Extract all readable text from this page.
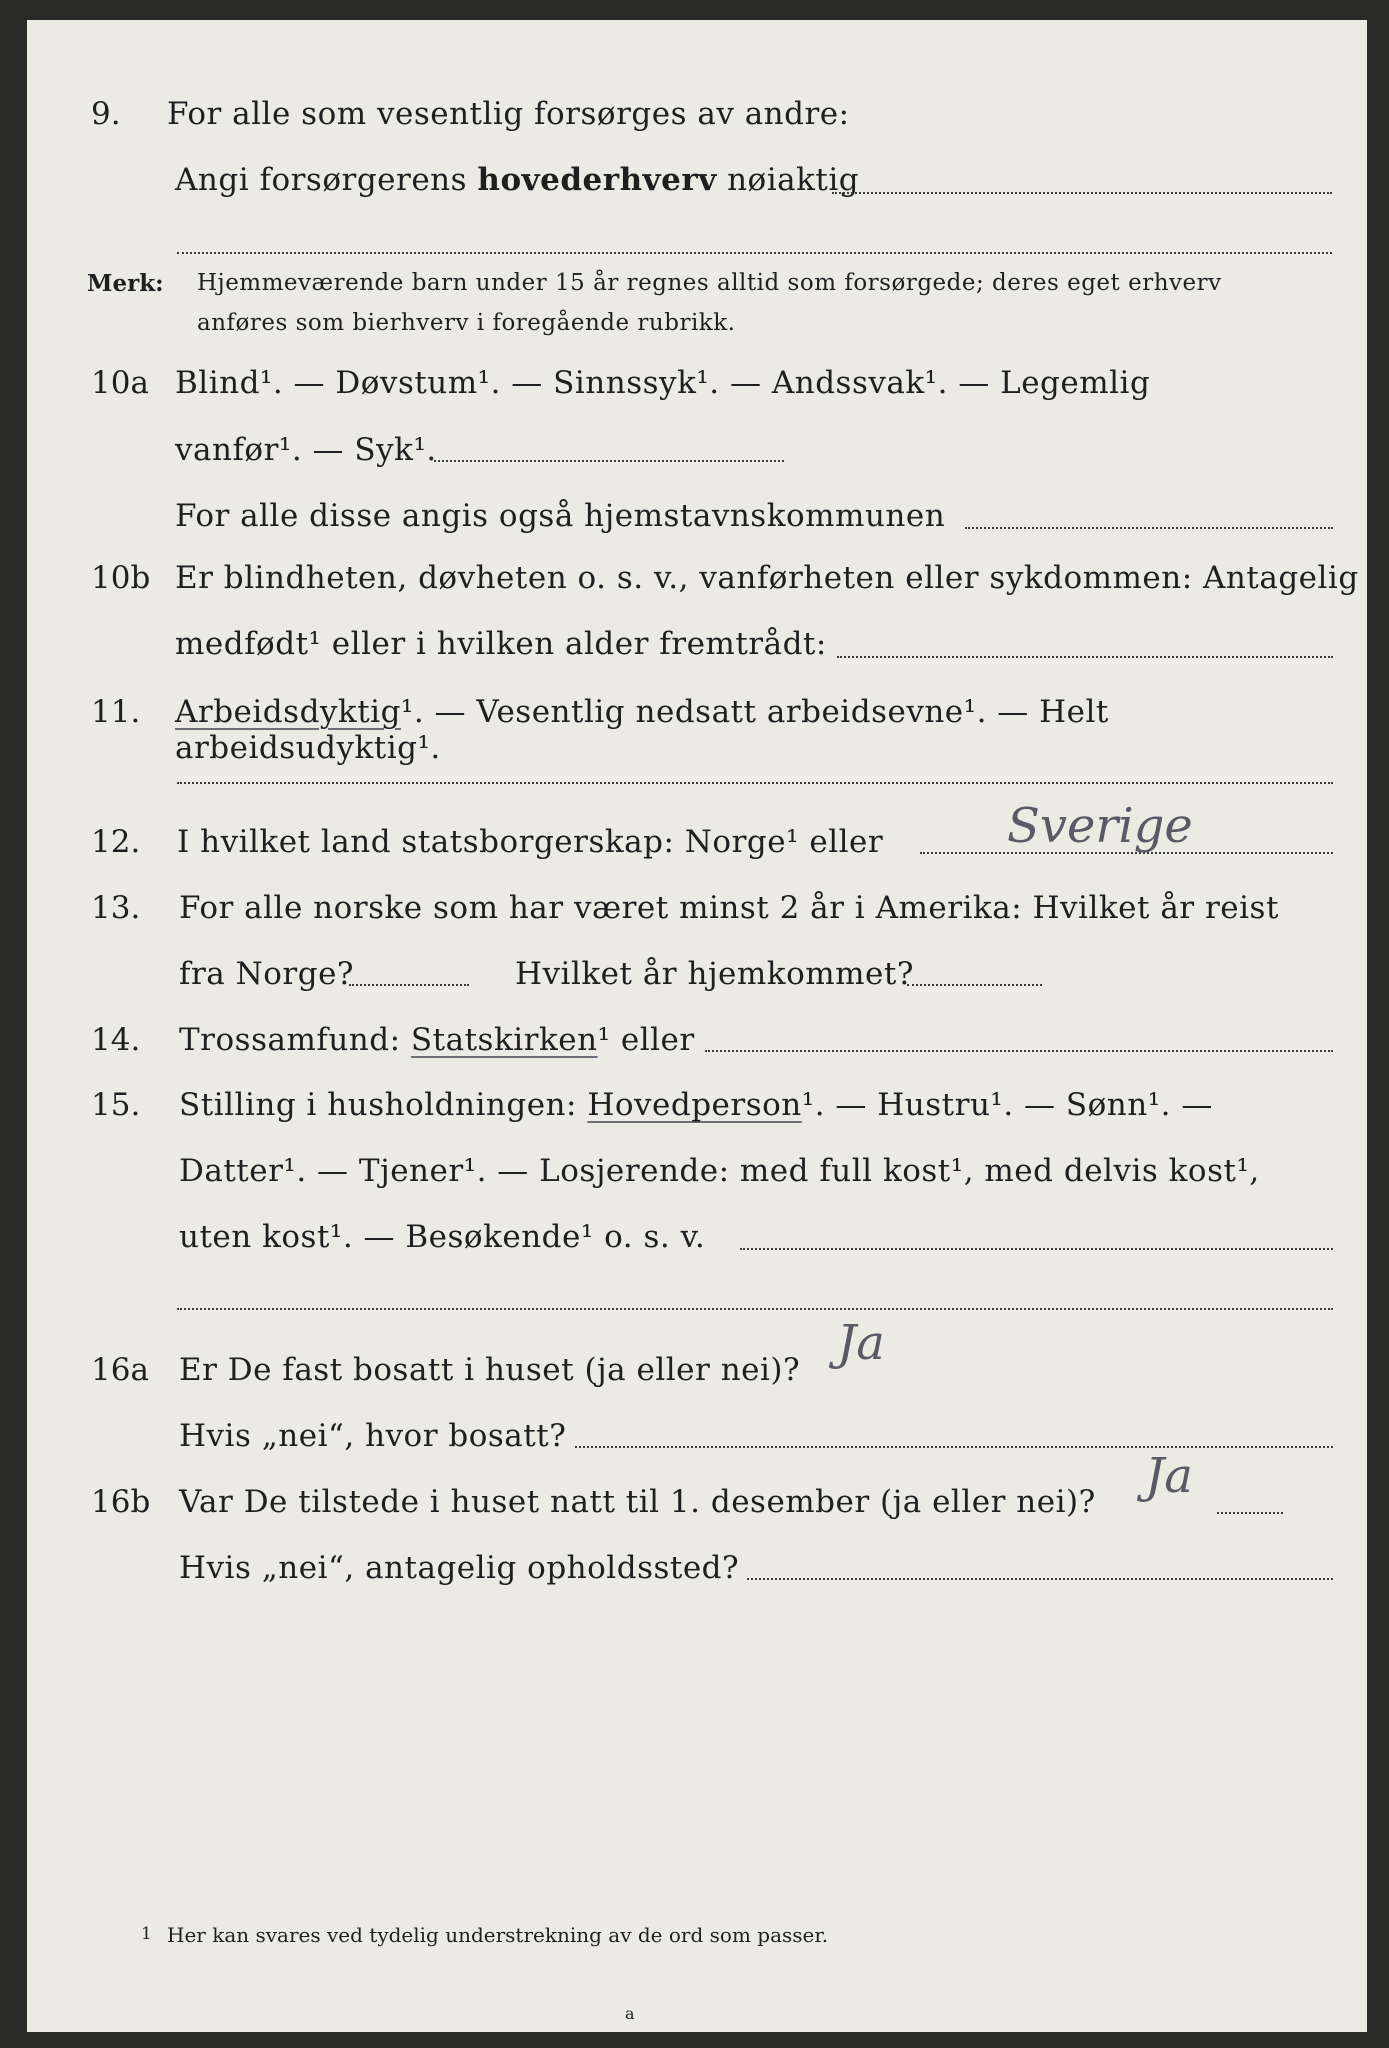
9. For alle som vesentlig forsørges av andre:
Angi forsørgerens hovederhverv nøiaktig
Merk: Hjemmeværende barn under 15 år regnes alltid som forsørgede; deres eget erhverv
anføres som bierhverv i foregående rubrikk.
10a Blind¹. — Døvstum¹. — Sinnssyk¹. — Andssvak¹. — Legemlig
vanfør¹. — Syk¹.
For alle disse angis også hjemstavnskommunen
10b Er blindheten, døvheten o. s. v., vanførheten eller sykdommen: Antagelig
medfødt¹ eller i hvilken alder fremtrådt:
11. Arbeidsdyktig¹. — Vesentlig nedsatt arbeidsevne¹. — Helt arbeidsudyktig¹.
12. I hvilket land statsborgerskap: Norge¹ eller	Sverige
13. For alle norske som har været minst 2 år i Amerika: Hvilket år reist
fra Norge?	Hvilket år hjemkommet?
14. Trossamfund: Statskirken¹ eller
15. Stilling i husholdningen: Hovedperson¹. — Hustru¹. — Sønn¹. —
Datter¹. — Tjener¹. — Losjerende: med full kost¹, med delvis kost¹,
uten kost¹. — Besøkende¹ o. s. v.
16a Er De fast bosatt i huset (ja eller nei)? Ja
Hvis „nei“, hvor bosatt?
16b Var De tilstede i huset natt til 1. desember (ja eller nei)? Ja
Hvis „nei“, antagelig opholdssted?
1 Her kan svares ved tydelig understrekning av de ord som passer.
a
